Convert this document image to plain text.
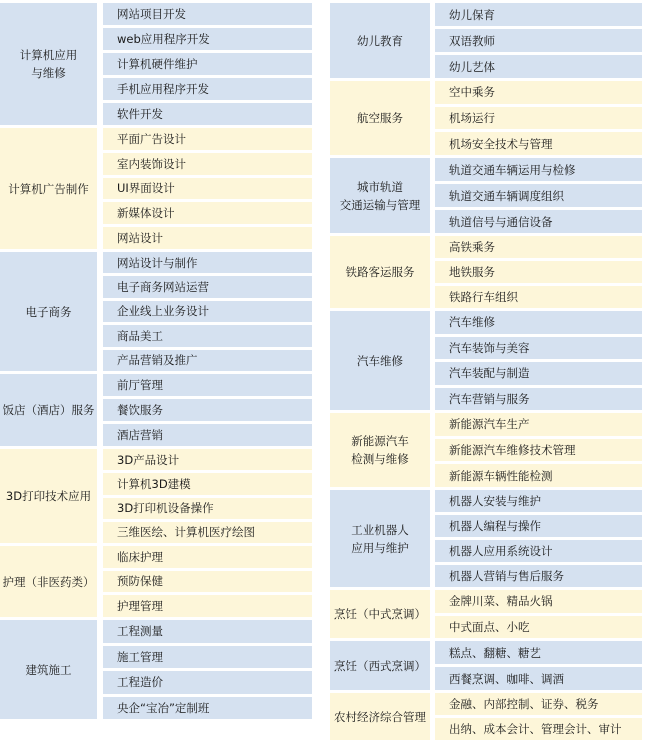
计算机应用
与维修
网站项目开发
web应用程序开发
计算机硬件维护
手机应用程序开发
软件开发
计算机广告制作
平面广告设计
室内装饰设计
UI界面设计
新媒体设计
网站设计
电子商务
网站设计与制作
电子商务网站运营
企业线上业务设计
商品美工
产品营销及推广
饭店（酒店）服务
前厅管理
餐饮服务
酒店营销
3D打印技术应用
3D产品设计
计算机3D建模
3D打印机设备操作
三维医绘、计算机医疗绘图
护理（非医药类）
临床护理
预防保健
护理管理
建筑施工
工程测量
施工管理
工程造价
央企“宝冶”定制班
幼儿教育
幼儿保育
双语教师
幼儿艺体
航空服务
空中乘务
机场运行
机场安全技术与管理
城市轨道
交通运输与管理
轨道交通车辆运用与检修
轨道交通车辆调度组织
轨道信号与通信设备
铁路客运服务
高铁乘务
地铁服务
铁路行车组织
汽车维修
汽车维修
汽车装饰与美容
汽车装配与制造
汽车营销与服务
新能源汽车
检测与维修
新能源汽车生产
新能源汽车维修技术管理
新能源车辆性能检测
工业机器人
应用与维护
机器人安装与维护
机器人编程与操作
机器人应用系统设计
机器人营销与售后服务
烹饪（中式烹调）
金牌川菜、精品火锅
中式面点、小吃
烹饪（西式烹调）
糕点、翻糖、糖艺
西餐烹调、咖啡、调酒
农村经济综合管理
金融、内部控制、证券、税务
出纳、成本会计、管理会计、审计
